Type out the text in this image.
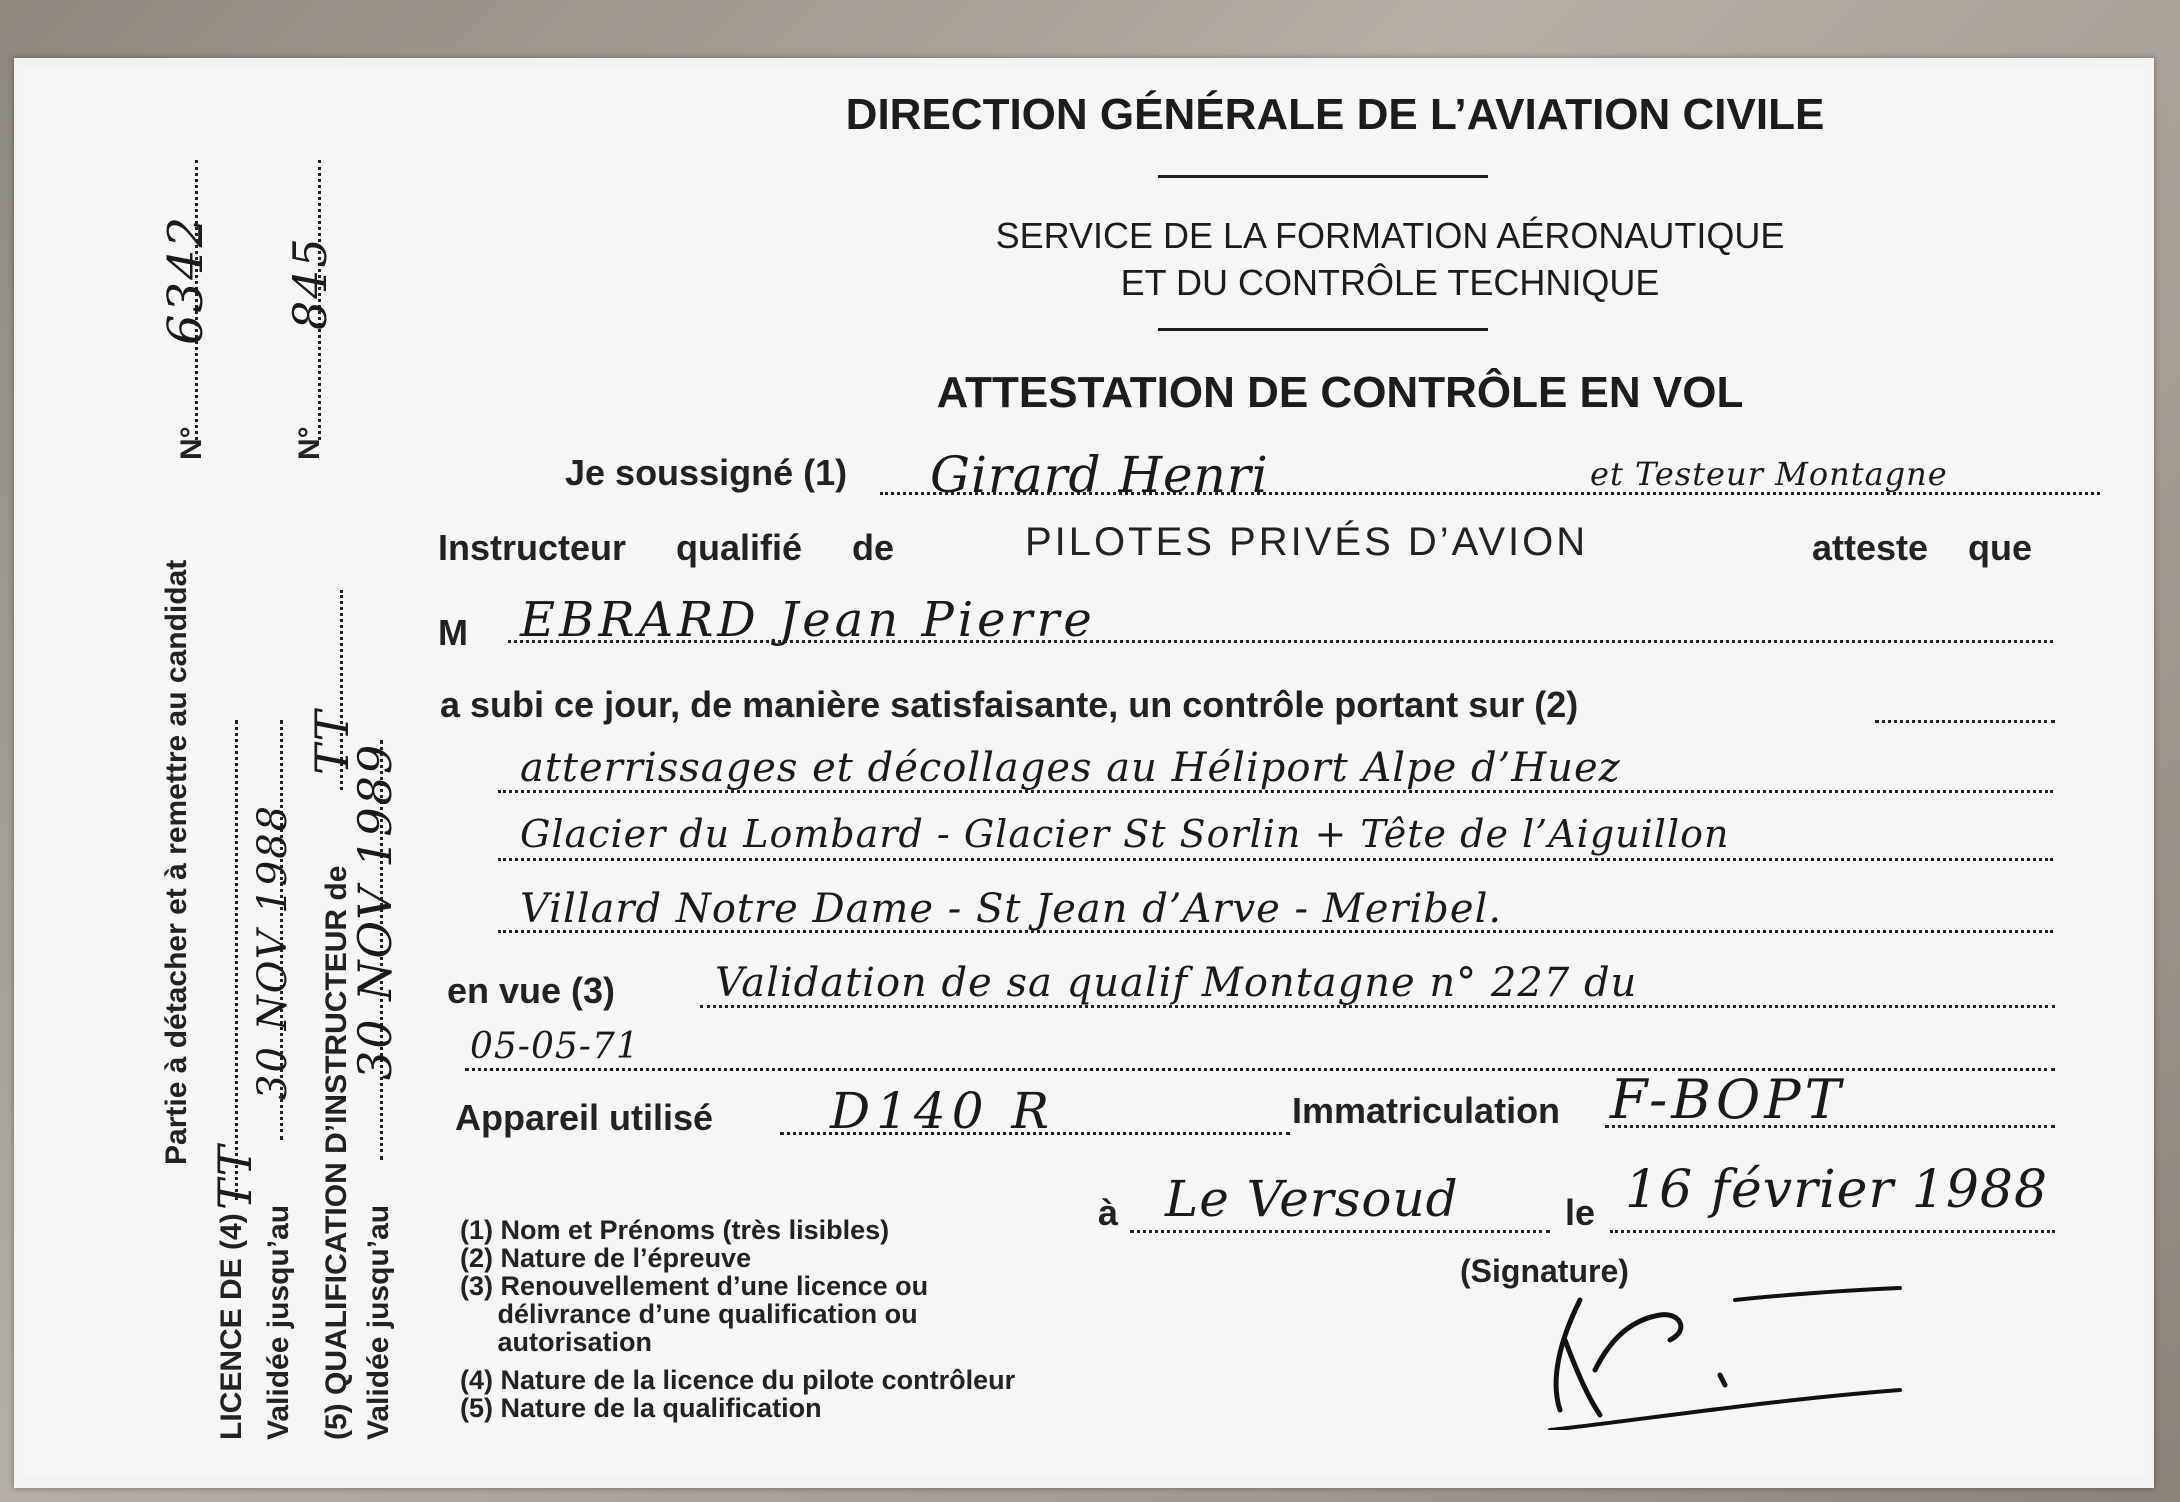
DIRECTION GÉNÉRALE DE L’AVIATION CIVILE
SERVICE DE LA FORMATION AÉRONAUTIQUE
ET DU CONTRÔLE TECHNIQUE
ATTESTATION DE CONTRÔLE EN VOL
Je soussigné (1) Girard Henri	et Testeur Montagne
Instructeur qualifié de	PILOTES PRIVÉS D’AVION	atteste que
M EBRARD Jean Pierre
a subi ce jour, de manière satisfaisante, un contrôle portant sur (2)
atterrissages et décollages au Héliport Alpe d’Huez
Glacier du Lombard - Glacier St Sorlin + Tête de l’Aiguillon
Villard Notre Dame - St Jean d’Arve - Meribel.
en vue (3) Validation de sa qualif Montagne n° 227 du
05-05-71
Appareil utilisé D140 R	Immatriculation F-BOPT
à Le Versoud	le 16 février 1988
(Signature)
(1) Nom et Prénoms (très lisibles)
(2) Nature de l’épreuve
(3) Renouvellement d’une licence ou
délivrance d’une qualification ou
autorisation
(4) Nature de la licence du pilote contrôleur
(5) Nature de la qualification
Partie à détacher et à remettre au candidat
N°
6342
LICENCE DE (4)
TT
Validée jusqu’au
30 NOV 1988 (5) QUALIFICATION D’INSTRUCTEUR de
TT
N°
845
Validée jusqu’au
30 NOV 1989
